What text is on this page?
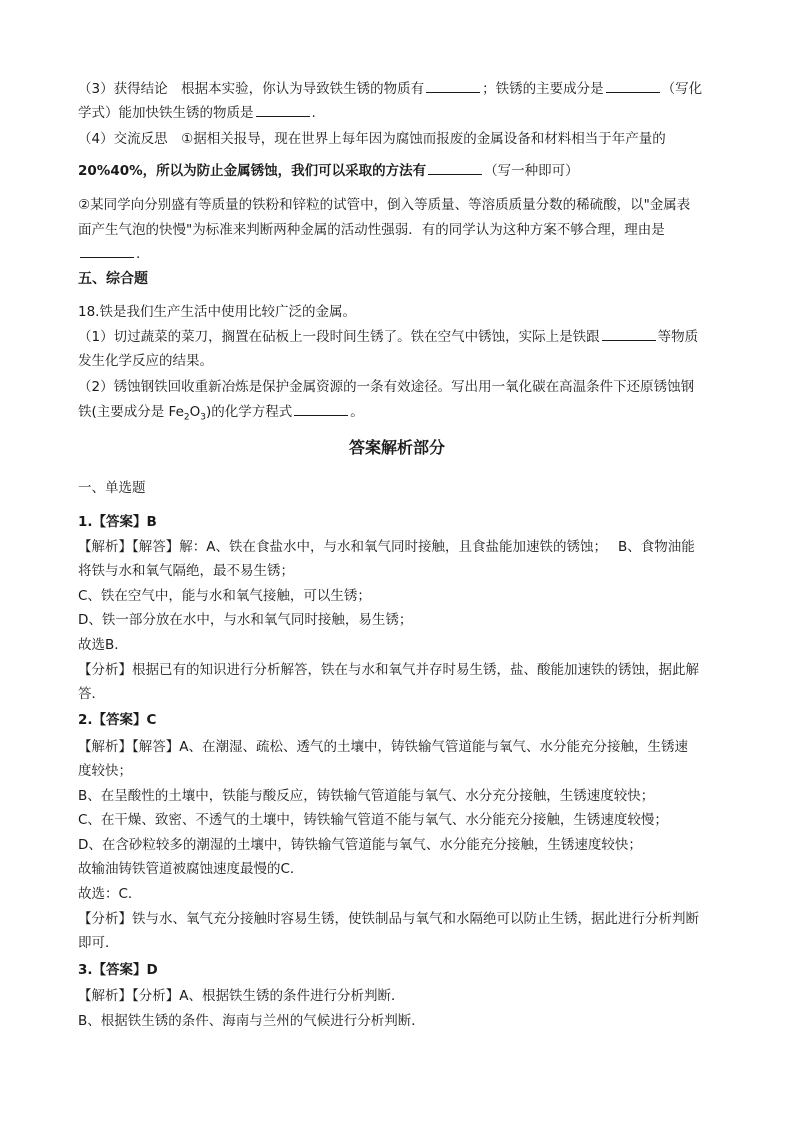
（3）获得结论　根据本实验，你认为导致铁生锈的物质有	；铁锈的主要成分是	（写化
学式）能加快铁生锈的物质是	.
（4）交流反思　①据相关报导，现在世界上每年因为腐蚀而报废的金属设备和材料相当于年产量的
20%40%，所以为防止金属锈蚀，我们可以采取的方法有	（写一种即可）
②某同学向分别盛有等质量的铁粉和锌粒的试管中，倒入等质量、等溶质质量分数的稀硫酸，以"金属表
面产生气泡的快慢"为标准来判断两种金属的活动性强弱．有的同学认为这种方案不够合理，理由是
.
五、综合题
18.铁是我们生产生活中使用比较广泛的金属。
（1）切过蔬菜的菜刀，搁置在砧板上一段时间生锈了。铁在空气中锈蚀，实际上是铁跟	等物质
发生化学反应的结果。
（2）锈蚀钢铁回收重新冶炼是保护金属资源的一条有效途径。写出用一氧化碳在高温条件下还原锈蚀钢
铁(主要成分是 $Fe_2O_3$)的化学方程式	。
答案解析部分
一、单选题
1.【答案】B
【解析】【解答】解：A、铁在食盐水中，与水和氧气同时接触，且食盐能加速铁的锈蚀；　 B、食物油能
将铁与水和氧气隔绝，最不易生锈；
C、铁在空气中，能与水和氧气接触，可以生锈；
D、铁一部分放在水中，与水和氧气同时接触，易生锈；
故选B．
【分析】根据已有的知识进行分析解答，铁在与水和氧气并存时易生锈，盐、酸能加速铁的锈蚀，据此解
答．
2.【答案】C
【解析】【解答】A、在潮湿、疏松、透气的土壤中，铸铁输气管道能与氧气、水分能充分接触，生锈速
度较快；
B、在呈酸性的土壤中，铁能与酸反应，铸铁输气管道能与氧气、水分充分接触，生锈速度较快；
C、在干燥、致密、不透气的土壤中，铸铁输气管道不能与氧气、水分能充分接触，生锈速度较慢；
D、在含砂粒较多的潮湿的土壤中，铸铁输气管道能与氧气、水分能充分接触，生锈速度较快；
故输油铸铁管道被腐蚀速度最慢的C．
故选：C．
【分析】铁与水、氧气充分接触时容易生锈，使铁制品与氧气和水隔绝可以防止生锈，据此进行分析判断
即可．
3.【答案】D
【解析】【分析】A、根据铁生锈的条件进行分析判断．
B、根据铁生锈的条件、海南与兰州的气候进行分析判断．
